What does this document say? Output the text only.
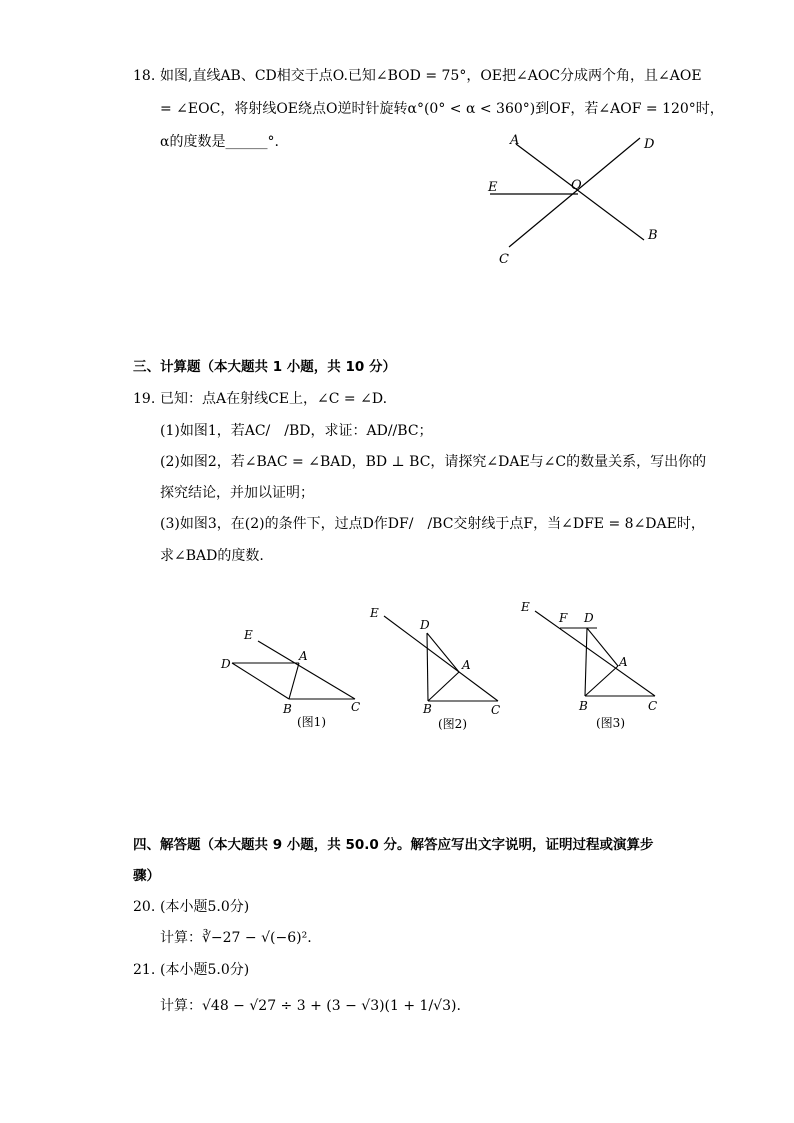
18. 如图,直线AB、CD相交于点O.已知∠BOD = 75°，OE把∠AOC分成两个角，且∠AOE
= ∠EOC，将射线OE绕点O逆时针旋转α°(0° < α < 360°)到OF，若∠AOF = 120°时，
α的度数是______°.	A	D
E	O
B
C
三、计算题（本大题共 1 小题，共 10 分）
19. 已知：点A在射线CE上，∠C = ∠D.
(1)如图1，若AC/　/BD，求证：AD//BC；
(2)如图2，若∠BAC = ∠BAD，BD ⊥ BC，请探究∠DAE与∠C的数量关系，写出你的
探究结论，并加以证明；
(3)如图3，在(2)的条件下，过点D作DF/　/BC交射线于点F，当∠DFE = 8∠DAE时，
求∠BAD的度数.
E
D
A
B	C
(图1)
E
D
A
B	C
(图2)
E
F D
A
B	C
(图3)
四、解答题（本大题共 9 小题，共 50.0 分。解答应写出文字说明，证明过程或演算步
骤）
20. (本小题5.0分)
计算：∛−27 − √(−6)².
21. (本小题5.0分)
计算：√48 − √27 ÷ 3 + (3 − √3)(1 + 1/√3).
